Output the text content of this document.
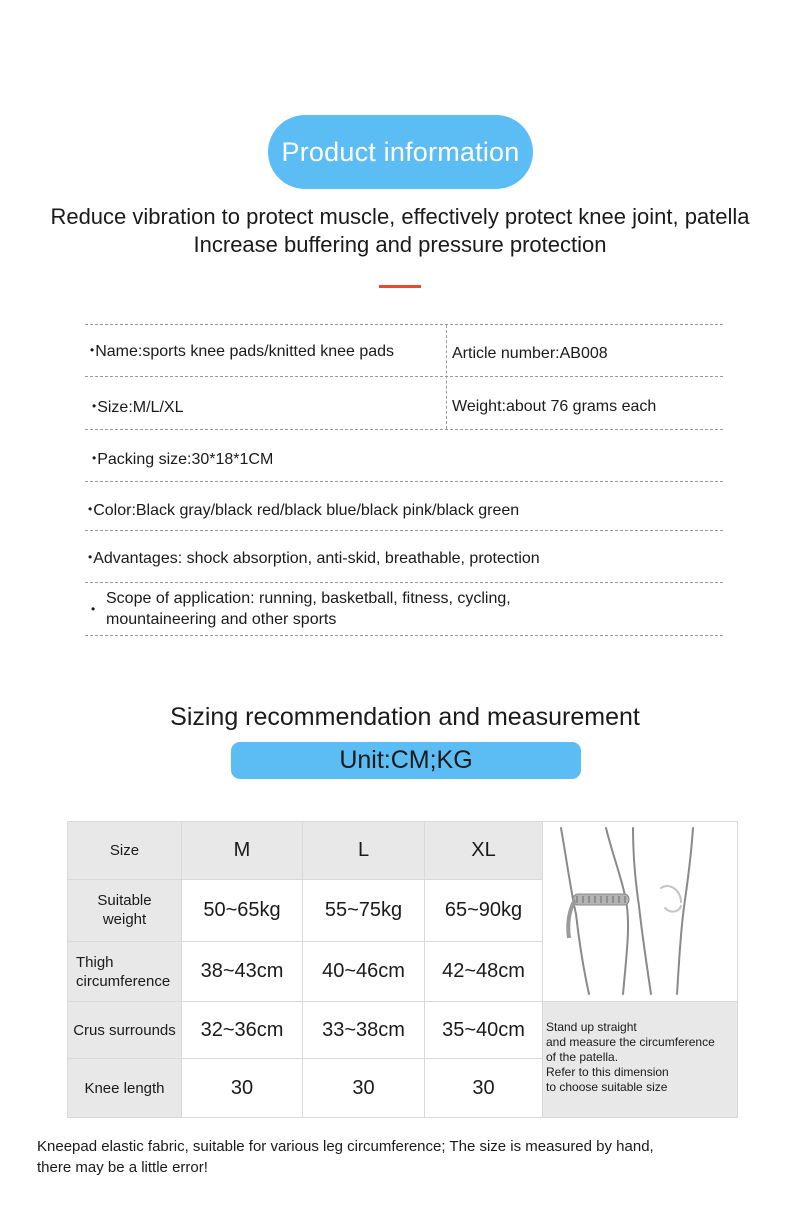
Product information
Reduce vibration to protect muscle, effectively protect knee joint, patella
Increase buffering and pressure protection
•Name:sports knee pads/knitted knee pads	Article number:AB008
•Size:M/L/XL	Weight:about 76 grams each
•Packing size:30*18*1CM
•Color:Black gray/black red/black blue/black pink/black green
•Advantages: shock absorption, anti-skid, breathable, protection
•
Scope of application: running, basketball, fitness, cycling,
mountaineering and other sports
Sizing recommendation and measurement
Unit:CM;KG
Size	M	L	XL	
Suitable
weight	50~65kg	55~75kg	65~90kg	
Thigh
circumference	38~43cm	40~46cm	42~48cm	
Crus surrounds	32~36cm	33~38cm	35~40cm	Stand up straight
and measure the circumference
of the patella.
Refer to this dimension
to choose suitable size
Knee length	30	30	30	
Kneepad elastic fabric, suitable for various leg circumference; The size is measured by hand,
there may be a little error!
